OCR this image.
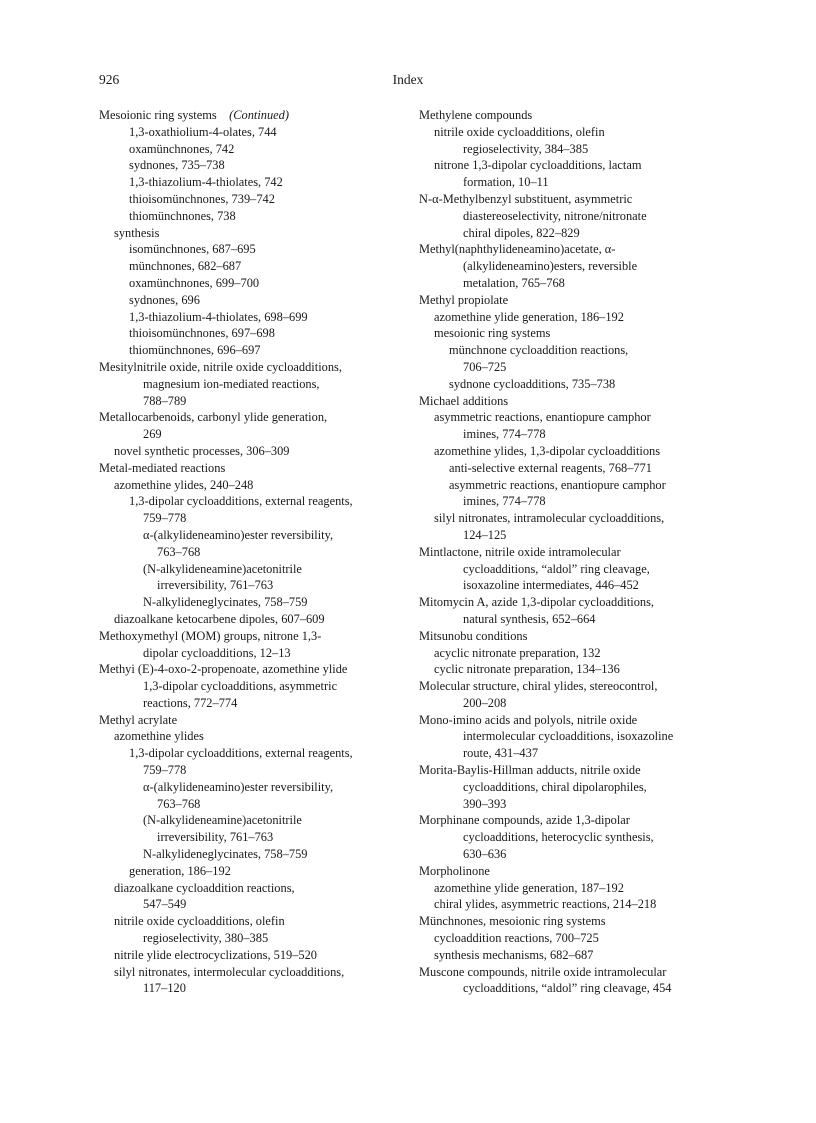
926	Index
Mesoionic ring systems (Continued)
1,3-oxathiolium-4-olates, 744
oxamünchnones, 742
sydnones, 735–738
1,3-thiazolium-4-thiolates, 742
thioisomünchnones, 739–742
thiomünchnones, 738
synthesis
isomünchnones, 687–695
münchnones, 682–687
oxamünchnones, 699–700
sydnones, 696
1,3-thiazolium-4-thiolates, 698–699
thioisomünchnones, 697–698
thiomünchnones, 696–697
Mesitylnitrile oxide, nitrile oxide cycloadditions,
magnesium ion-mediated reactions,
788–789
Metallocarbenoids, carbonyl ylide generation,
269
novel synthetic processes, 306–309
Metal-mediated reactions
azomethine ylides, 240–248
1,3-dipolar cycloadditions, external reagents,
759–778
α-(alkylideneamino)ester reversibility,
763–768
(N-alkylideneamine)acetonitrile
irreversibility, 761–763
N-alkylideneglycinates, 758–759
diazoalkane ketocarbene dipoles, 607–609
Methoxymethyl (MOM) groups, nitrone 1,3-
dipolar cycloadditions, 12–13
Methyi (E)-4-oxo-2-propenoate, azomethine ylide
1,3-dipolar cycloadditions, asymmetric
reactions, 772–774
Methyl acrylate
azomethine ylides
1,3-dipolar cycloadditions, external reagents,
759–778
α-(alkylideneamino)ester reversibility,
763–768
(N-alkylideneamine)acetonitrile
irreversibility, 761–763
N-alkylideneglycinates, 758–759
generation, 186–192
diazoalkane cycloaddition reactions,
547–549
nitrile oxide cycloadditions, olefin
regioselectivity, 380–385
nitrile ylide electrocyclizations, 519–520
silyl nitronates, intermolecular cycloadditions,
117–120
Methylene compounds
nitrile oxide cycloadditions, olefin
regioselectivity, 384–385
nitrone 1,3-dipolar cycloadditions, lactam
formation, 10–11
N-α-Methylbenzyl substituent, asymmetric
diastereoselectivity, nitrone/nitronate
chiral dipoles, 822–829
Methyl(naphthylideneamino)acetate, α-
(alkylideneamino)esters, reversible
metalation, 765–768
Methyl propiolate
azomethine ylide generation, 186–192
mesoionic ring systems
münchnone cycloaddition reactions,
706–725
sydnone cycloadditions, 735–738
Michael additions
asymmetric reactions, enantiopure camphor
imines, 774–778
azomethine ylides, 1,3-dipolar cycloadditions
anti-selective external reagents, 768–771
asymmetric reactions, enantiopure camphor
imines, 774–778
silyl nitronates, intramolecular cycloadditions,
124–125
Mintlactone, nitrile oxide intramolecular
cycloadditions, “aldol” ring cleavage,
isoxazoline intermediates, 446–452
Mitomycin A, azide 1,3-dipolar cycloadditions,
natural synthesis, 652–664
Mitsunobu conditions
acyclic nitronate preparation, 132
cyclic nitronate preparation, 134–136
Molecular structure, chiral ylides, stereocontrol,
200–208
Mono-imino acids and polyols, nitrile oxide
intermolecular cycloadditions, isoxazoline
route, 431–437
Morita-Baylis-Hillman adducts, nitrile oxide
cycloadditions, chiral dipolarophiles,
390–393
Morphinane compounds, azide 1,3-dipolar
cycloadditions, heterocyclic synthesis,
630–636
Morpholinone
azomethine ylide generation, 187–192
chiral ylides, asymmetric reactions, 214–218
Münchnones, mesoionic ring systems
cycloaddition reactions, 700–725
synthesis mechanisms, 682–687
Muscone compounds, nitrile oxide intramolecular
cycloadditions, “aldol” ring cleavage, 454
